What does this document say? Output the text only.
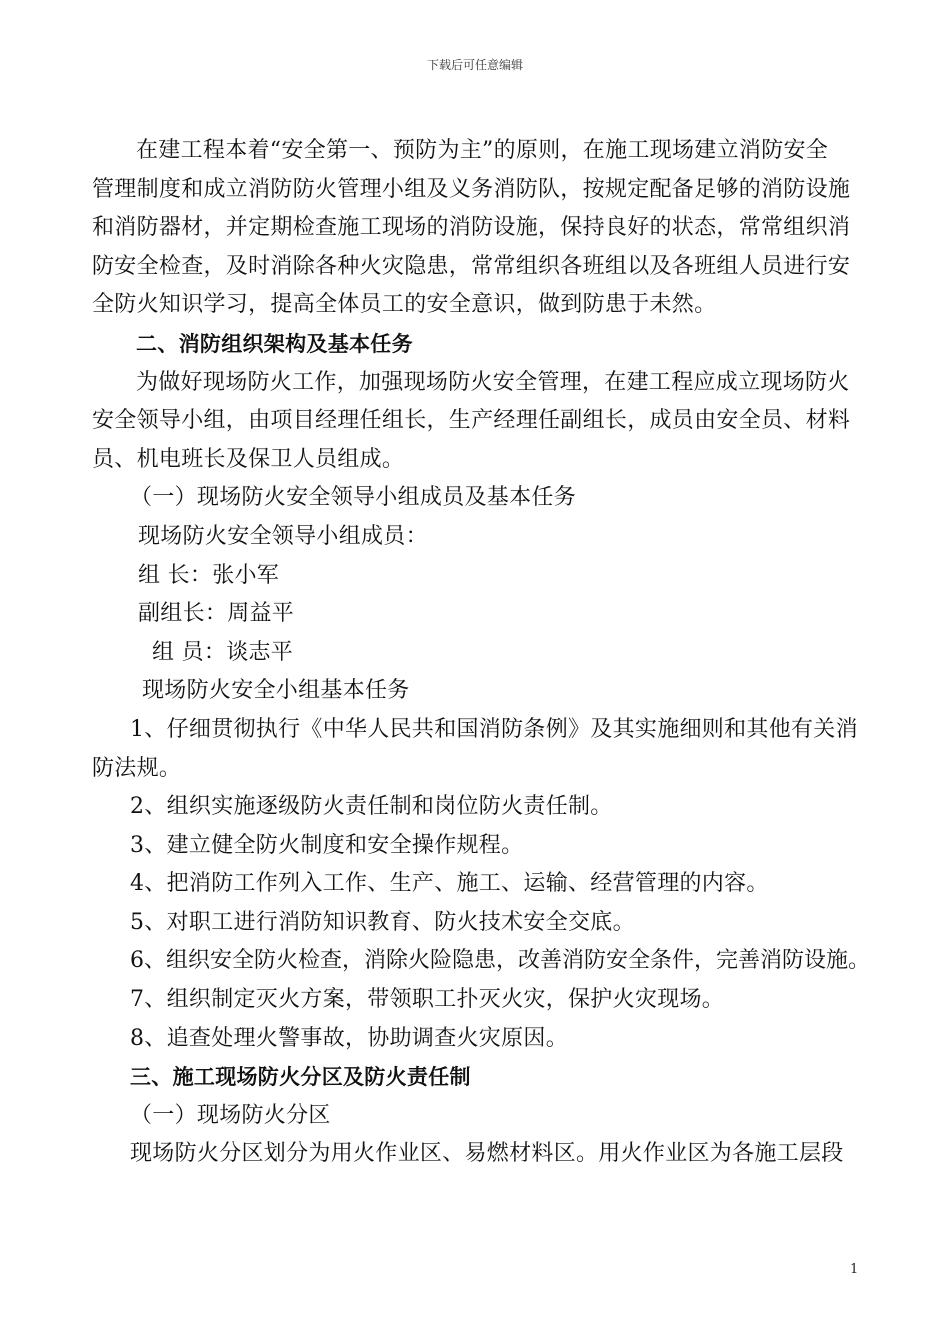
下载后可任意编辑
在建工程本着“安全第一、预防为主”的原则，在施工现场建立消防安全
管理制度和成立消防防火管理小组及义务消防队，按规定配备足够的消防设施
和消防器材，并定期检查施工现场的消防设施，保持良好的状态，常常组织消
防安全检查，及时消除各种火灾隐患，常常组织各班组以及各班组人员进行安
全防火知识学习，提高全体员工的安全意识，做到防患于未然。
二、消防组织架构及基本任务
为做好现场防火工作，加强现场防火安全管理，在建工程应成立现场防火
安全领导小组，由项目经理任组长，生产经理任副组长，成员由安全员、材料
员、机电班长及保卫人员组成。
（一）现场防火安全领导小组成员及基本任务
现场防火安全领导小组成员：
组 长：张小军
副组长：周益平
组 员：谈志平
现场防火安全小组基本任务
1、仔细贯彻执行《中华人民共和国消防条例》及其实施细则和其他有关消
防法规。
2、组织实施逐级防火责任制和岗位防火责任制。
3、建立健全防火制度和安全操作规程。
4、把消防工作列入工作、生产、施工、运输、经营管理的内容。
5、对职工进行消防知识教育、防火技术安全交底。
6、组织安全防火检查，消除火险隐患，改善消防安全条件，完善消防设施。
7、组织制定灭火方案，带领职工扑灭火灾，保护火灾现场。
8、追查处理火警事故，协助调查火灾原因。
三、施工现场防火分区及防火责任制
（一）现场防火分区
现场防火分区划分为用火作业区、易燃材料区。用火作业区为各施工层段
1
